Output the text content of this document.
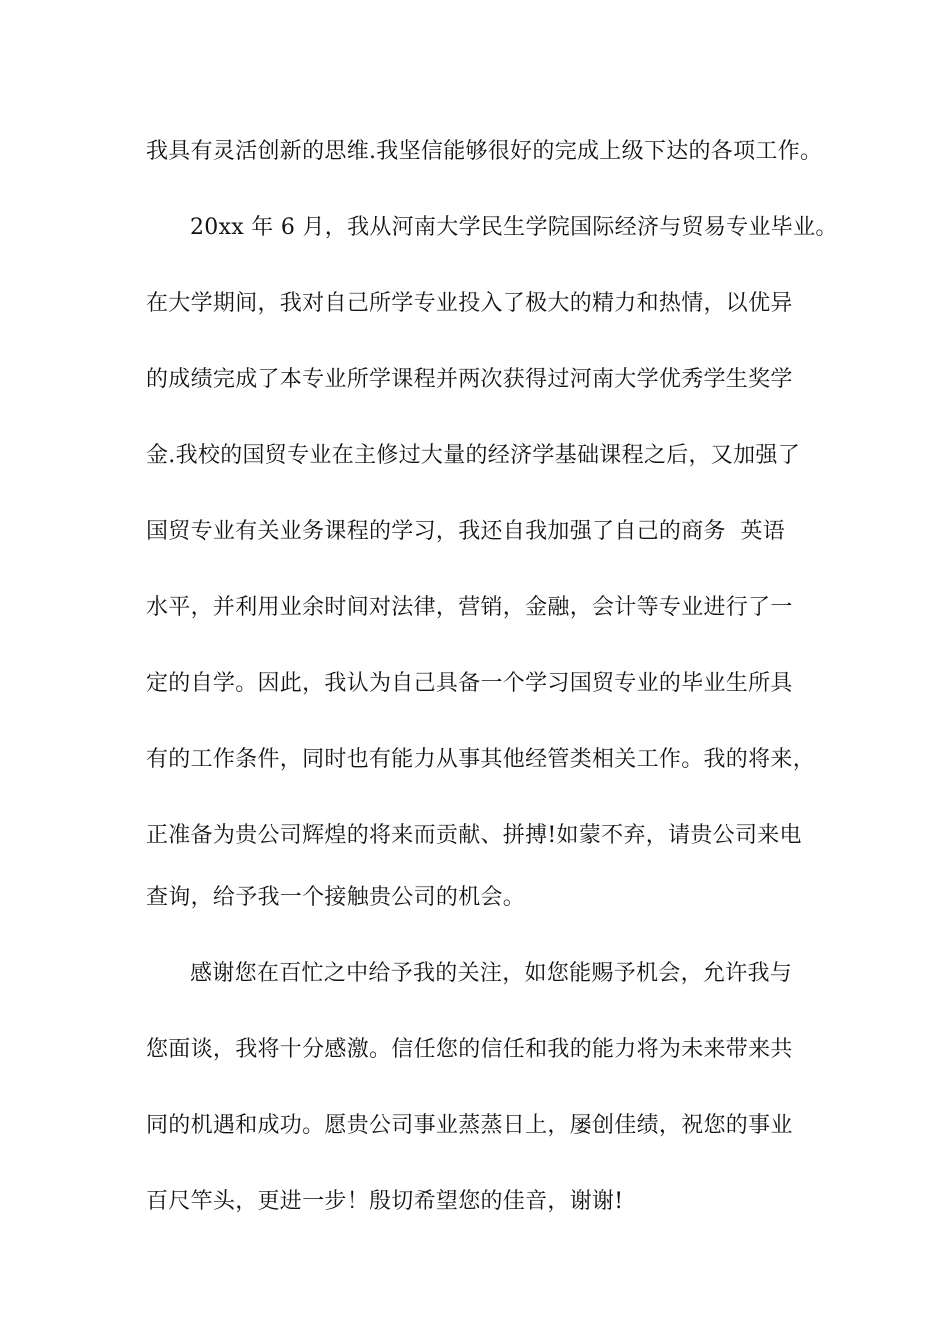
我具有灵活创新的思维.我坚信能够很好的完成上级下达的各项工作。
20xx 年 6 月，我从河南大学民生学院国际经济与贸易专业毕业。
在大学期间，我对自己所学专业投入了极大的精力和热情，以优异
的成绩完成了本专业所学课程并两次获得过河南大学优秀学生奖学
金.我校的国贸专业在主修过大量的经济学基础课程之后，又加强了
国贸专业有关业务课程的学习，我还自我加强了自己的商务  英语
水平，并利用业余时间对法律，营销，金融，会计等专业进行了一
定的自学。因此，我认为自己具备一个学习国贸专业的毕业生所具
有的工作条件，同时也有能力从事其他经管类相关工作。我的将来，
正准备为贵公司辉煌的将来而贡献、拼搏!如蒙不弃，请贵公司来电
查询，给予我一个接触贵公司的机会。
感谢您在百忙之中给予我的关注，如您能赐予机会，允许我与
您面谈，我将十分感激。信任您的信任和我的能力将为未来带来共
同的机遇和成功。愿贵公司事业蒸蒸日上，屡创佳绩，祝您的事业
百尺竿头，更进一步！殷切希望您的佳音，谢谢!
